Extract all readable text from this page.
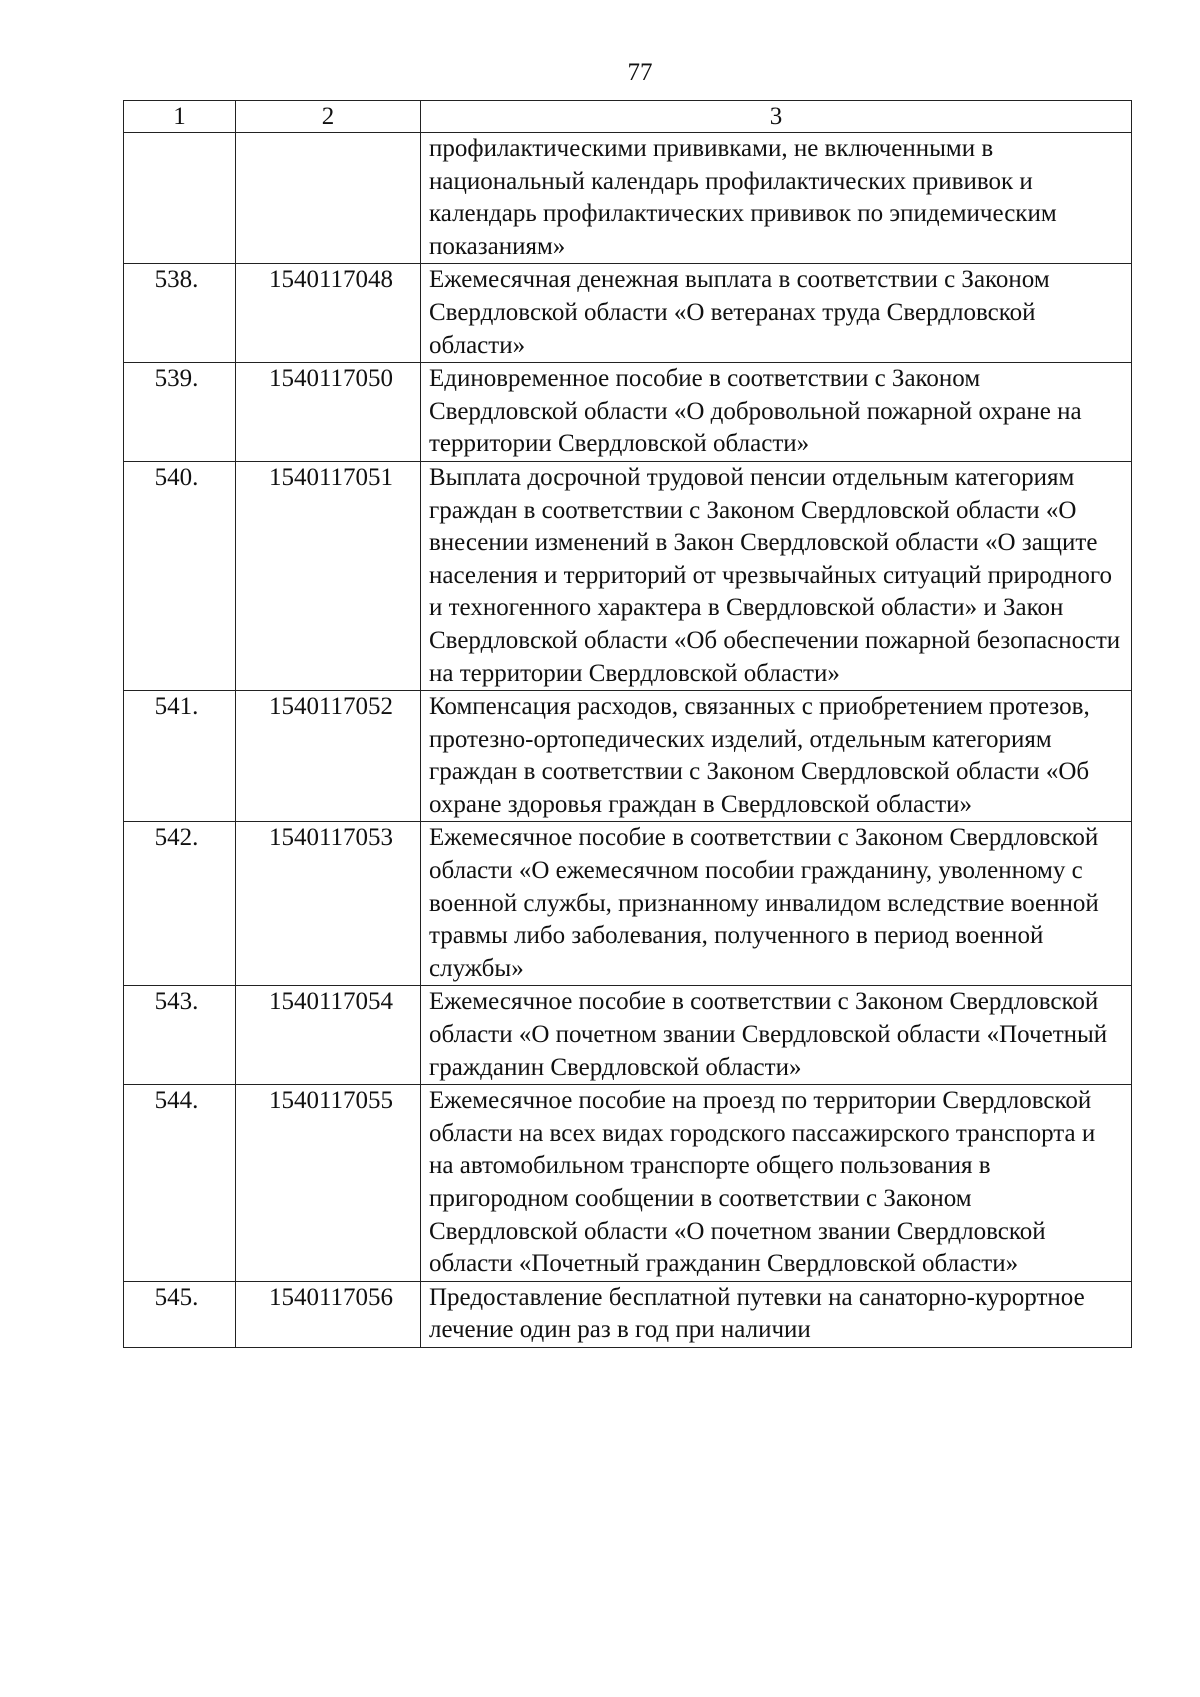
77
1	2	3
		профилактическими прививками, не включенными в национальный календарь профилактических прививок и календарь профилактических прививок по эпидемическим показаниям»
538.	1540117048	Ежемесячная денежная выплата в соответствии с Законом Свердловской области «О ветеранах труда Свердловской области»
539.	1540117050	Единовременное пособие в соответствии с Законом Свердловской области «О добровольной пожарной охране на территории Свердловской области»
540.	1540117051	Выплата досрочной трудовой пенсии отдельным категориям граждан в соответствии с Законом Свердловской области «О внесении изменений в Закон Свердловской области «О защите населения и территорий от чрезвычайных ситуаций природного и техногенного характера в Свердловской области» и Закон Свердловской области «Об обеспечении пожарной безопасности на территории Свердловской области»
541.	1540117052	Компенсация расходов, связанных с приобретением протезов, протезно-ортопедических изделий, отдельным категориям граждан в соответствии с Законом Свердловской области «Об охране здоровья граждан в Свердловской области»
542.	1540117053	Ежемесячное пособие в соответствии с Законом Свердловской области «О ежемесячном пособии гражданину, уволенному с военной службы, признанному инвалидом вследствие военной травмы либо заболевания, полученного в период военной службы»
543.	1540117054	Ежемесячное пособие в соответствии с Законом Свердловской области «О почетном звании Свердловской области «Почетный гражданин Свердловской области»
544.	1540117055	Ежемесячное пособие на проезд по территории Свердловской области на всех видах городского пассажирского транспорта и на автомобильном транспорте общего пользования в пригородном сообщении в соответствии с Законом Свердловской области «О почетном звании Свердловской области «Почетный гражданин Свердловской области»
545.	1540117056	Предоставление бесплатной путевки на санаторно-курортное лечение один раз в год при наличии
